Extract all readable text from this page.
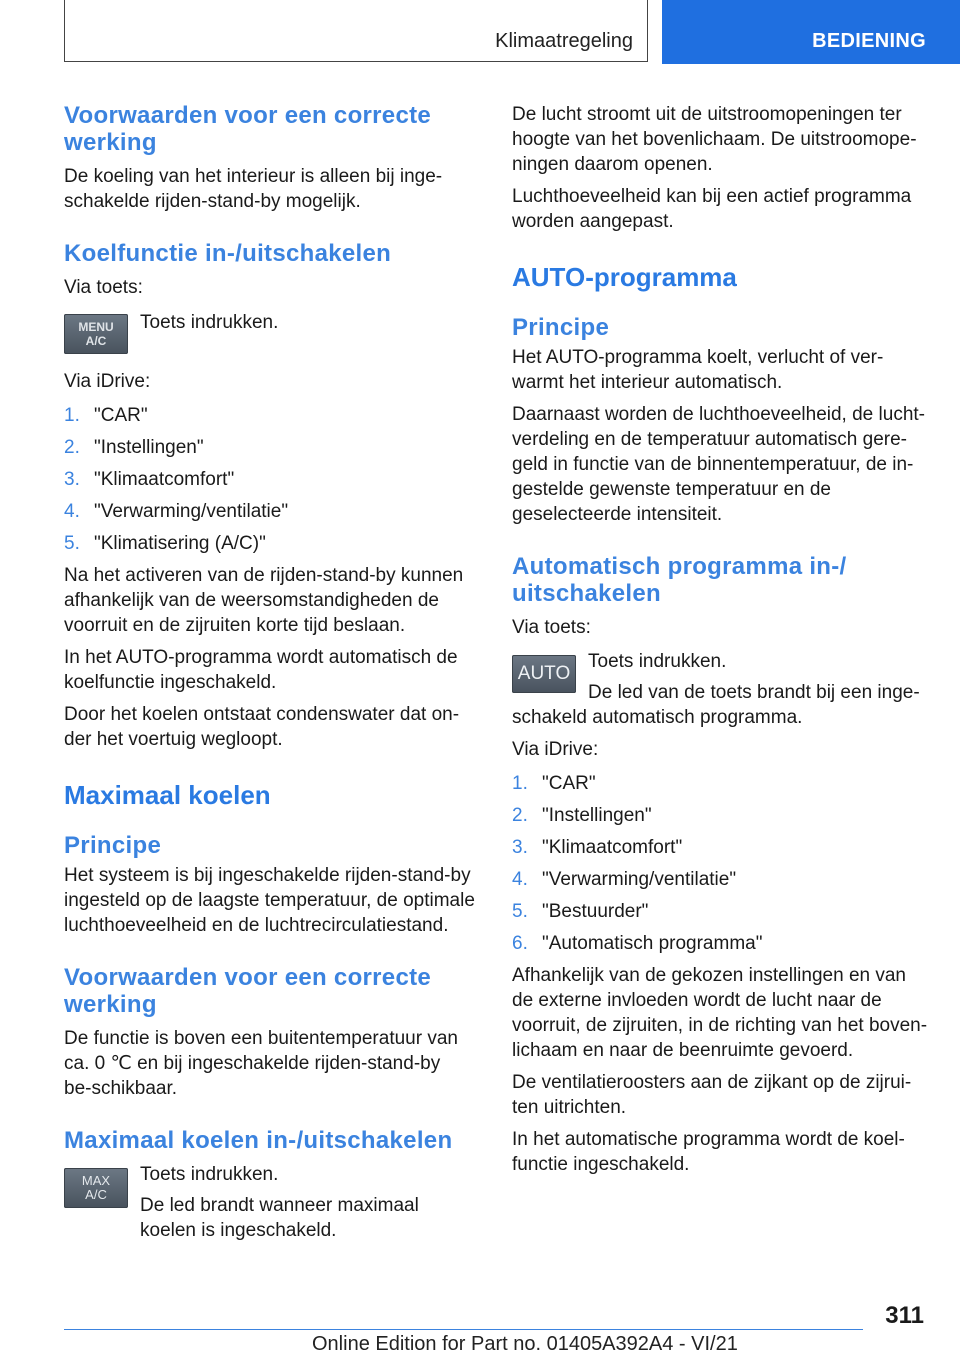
Klimaatregeling	BEDIENING
Voorwaarden voor een correcte werking

De koeling van het interieur is alleen bij inge-schakelde rijden-stand-by mogelijk.

Koelfunctie in-/uitschakelen

Via toets:

MENU
A/C

Toets indrukken.

Via iDrive:

1. "CAR"
2. "Instellingen"
3. "Klimaatcomfort"
4. "Verwarming/ventilatie"
5. "Klimatisering (A/C)"

Na het activeren van de rijden-stand-by kunnen afhankelijk van de weersomstandigheden de voorruit en de zijruiten korte tijd beslaan.

In het AUTO-programma wordt automatisch de koelfunctie ingeschakeld.

Door het koelen ontstaat condenswater dat on-der het voertuig wegloopt.

Maximaal koelen
Principe

Het systeem is bij ingeschakelde rijden-stand-by ingesteld op de laagste temperatuur, de optimale luchthoeveelheid en de luchtrecirculatiestand.

Voorwaarden voor een correcte werking

De functie is boven een buitentemperatuur van ca. 0 ℃ en bij ingeschakelde rijden-stand-by be-schikbaar.

Maximaal koelen in-/uitschakelen
MAX
A/C

Toets indrukken.

De led brandt wanneer maximaal koelen is ingeschakeld.

De lucht stroomt uit de uitstroomopeningen ter hoogte van het bovenlichaam. De uitstroomope-ningen daarom openen.

Luchthoeveelheid kan bij een actief programma worden aangepast.

AUTO-programma
Principe

Het AUTO-programma koelt, verlucht of ver-warmt het interieur automatisch.

Daarnaast worden de luchthoeveelheid, de lucht-verdeling en de temperatuur automatisch gere-geld in functie van de binnentemperatuur, de in-gestelde gewenste temperatuur en de geselecteerde intensiteit.

Automatisch programma in-/ uitschakelen

Via toets:

AUTO

Toets indrukken.

De led van de toets brandt bij een inge-schakeld automatisch programma.

Via iDrive:

1. "CAR"
2. "Instellingen"
3. "Klimaatcomfort"
4. "Verwarming/ventilatie"
5. "Bestuurder"
6. "Automatisch programma"

Afhankelijk van de gekozen instellingen en van de externe invloeden wordt de lucht naar de voorruit, de zijruiten, in de richting van het boven-lichaam en naar de beenruimte gevoerd.

De ventilatieroosters aan de zijkant op de zijrui-ten uitrichten.

In het automatische programma wordt de koel-functie ingeschakeld.

311
Online Edition for Part no. 01405A392A4 - VI/21
